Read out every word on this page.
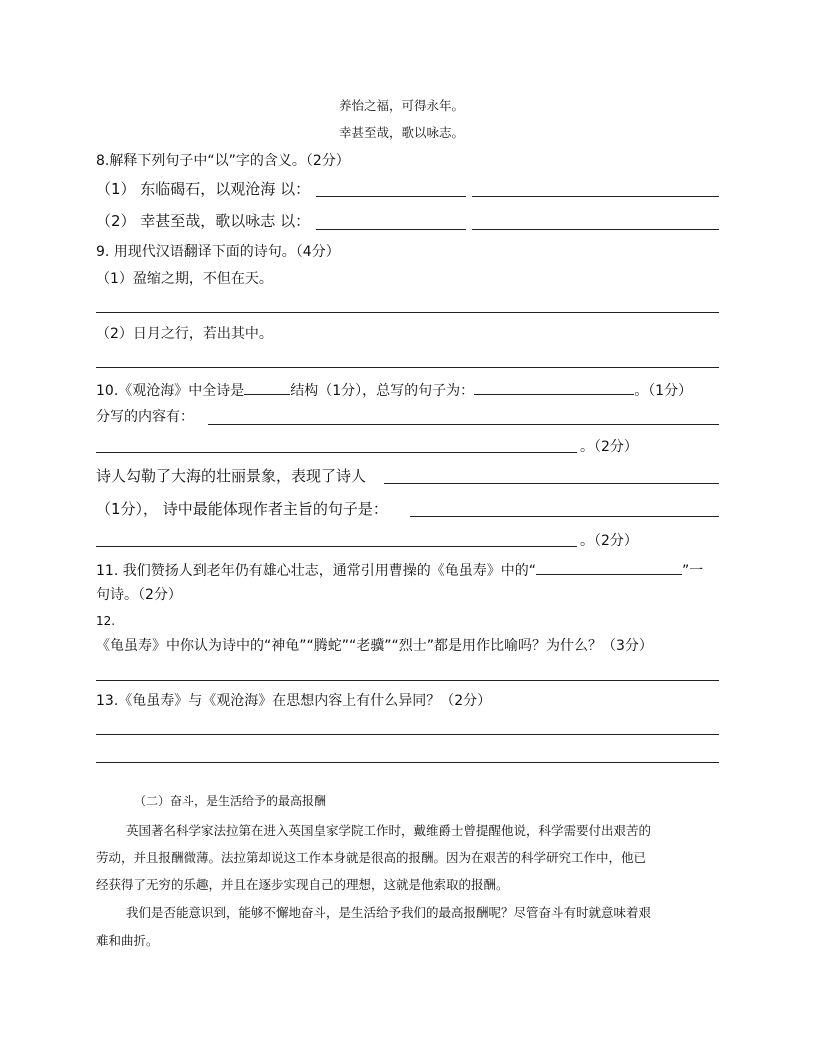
养怡之福，可得永年。
幸甚至哉，歌以咏志。
8.解释下列句子中“以”字的含义。（2分）
（1） 东临碣石，以观沧海 以：
（2） 幸甚至哉，歌以咏志 以：
9. 用现代汉语翻译下面的诗句。（4分）
（1）盈缩之期，不但在天。
（2）日月之行，若出其中。
10.《观沧海》中全诗是	结构（1分），总写的句子为：	。（1分）
分写的内容有：
。（2分）
诗人勾勒了大海的壮丽景象，表现了诗人
（1分）， 诗中最能体现作者主旨的句子是：
。（2分）
11. 我们赞扬人到老年仍有雄心壮志，通常引用曹操的《龟虽寿》中的“	”一
句诗。（2分）
12.
《龟虽寿》中你认为诗中的“神龟”“腾蛇”“老骥”“烈士”都是用作比喻吗？为什么？（3分）
13.《龟虽寿》与《观沧海》在思想内容上有什么异同？（2分）
（二）奋斗，是生活给予的最高报酬
英国著名科学家法拉第在进入英国皇家学院工作时，戴维爵士曾提醒他说，科学需要付出艰苦的
劳动，并且报酬微薄。法拉第却说这工作本身就是很高的报酬。因为在艰苦的科学研究工作中，他已
经获得了无穷的乐趣，并且在逐步实现自己的理想，这就是他索取的报酬。
我们是否能意识到，能够不懈地奋斗，是生活给予我们的最高报酬呢？尽管奋斗有时就意味着艰
难和曲折。
